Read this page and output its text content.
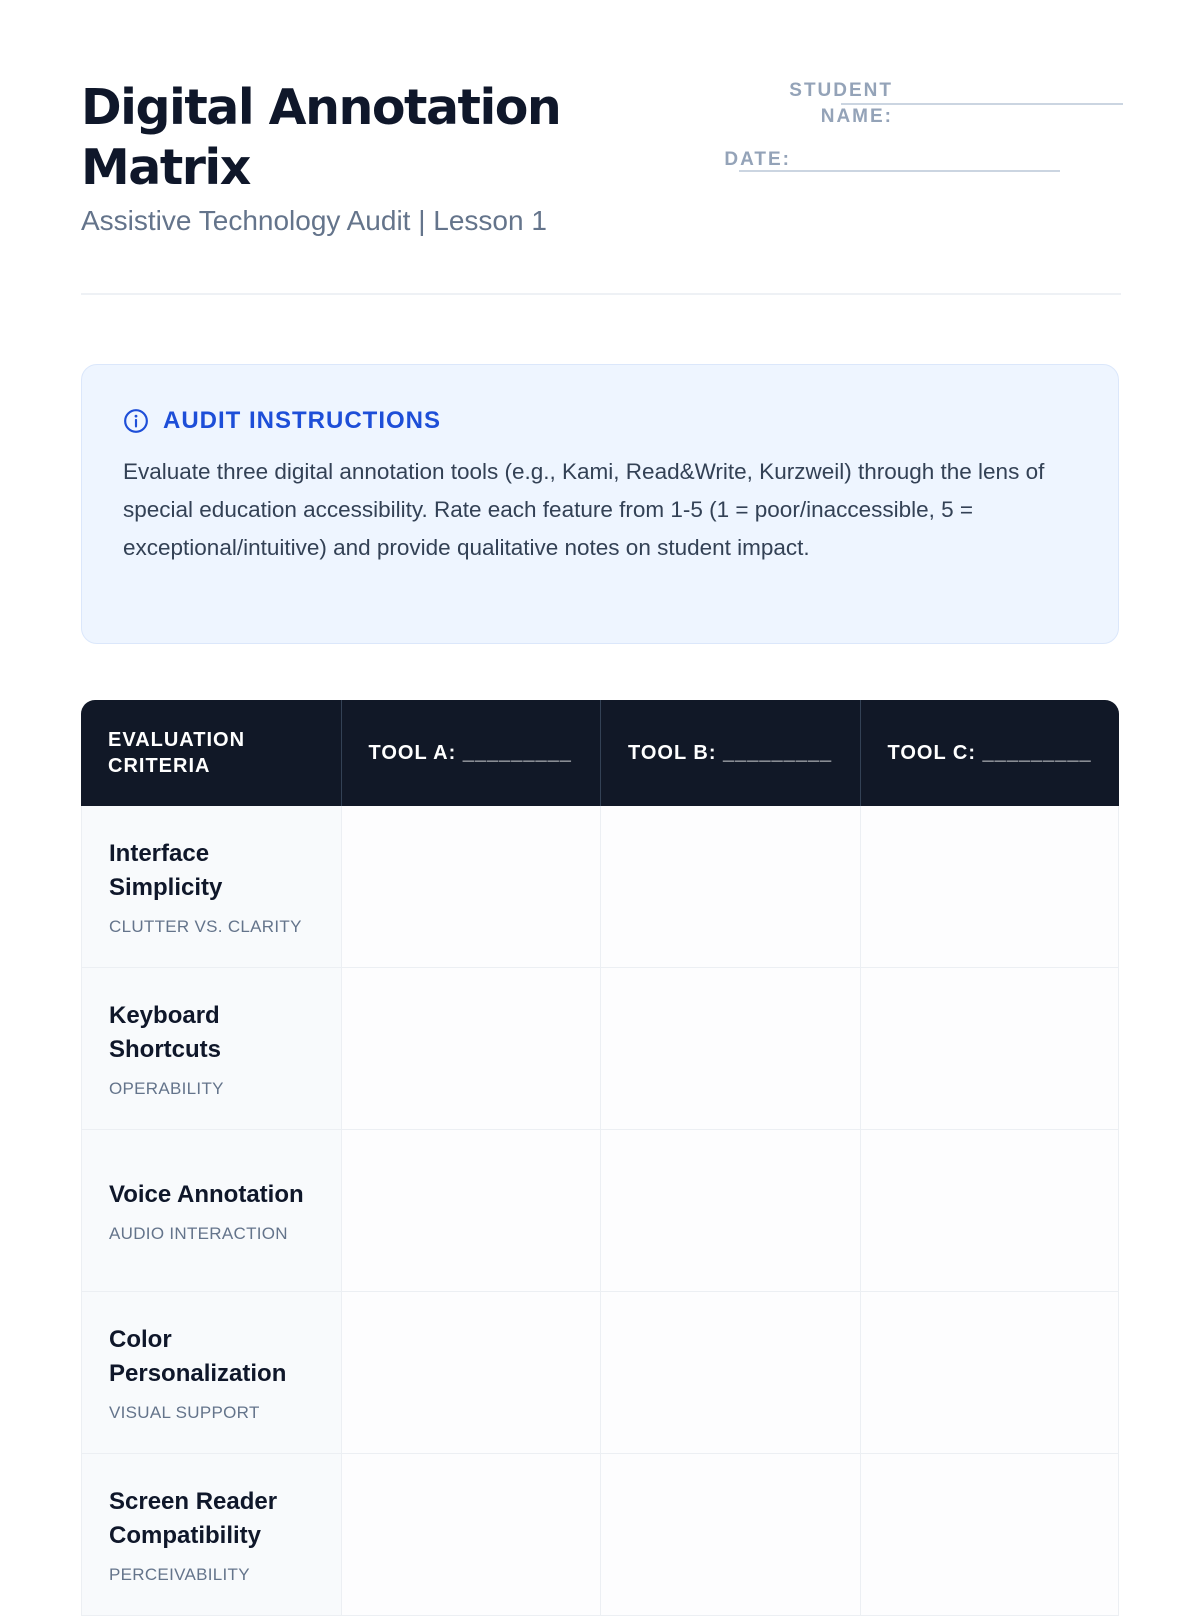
Digital Annotation Matrix

Assistive Technology Audit | Lesson 1

STUDENT
NAME:
DATE:
AUDIT INSTRUCTIONS

Evaluate three digital annotation tools (e.g., Kami, Read&Write, Kurzweil) through the lens of special education accessibility. Rate each feature from 1-5 (1 = poor/inaccessible, 5 = exceptional/intuitive) and provide qualitative notes on student impact.

EVALUATION CRITERIA	TOOL A: _________	TOOL B: _________	TOOL C: _________

Interface Simplicity
CLUTTER VS. CLARITY			

Keyboard Shortcuts
OPERABILITY			

Voice Annotation
AUDIO INTERACTION			

Color Personalization
VISUAL SUPPORT			

Screen Reader Compatibility
PERCEIVABILITY			
